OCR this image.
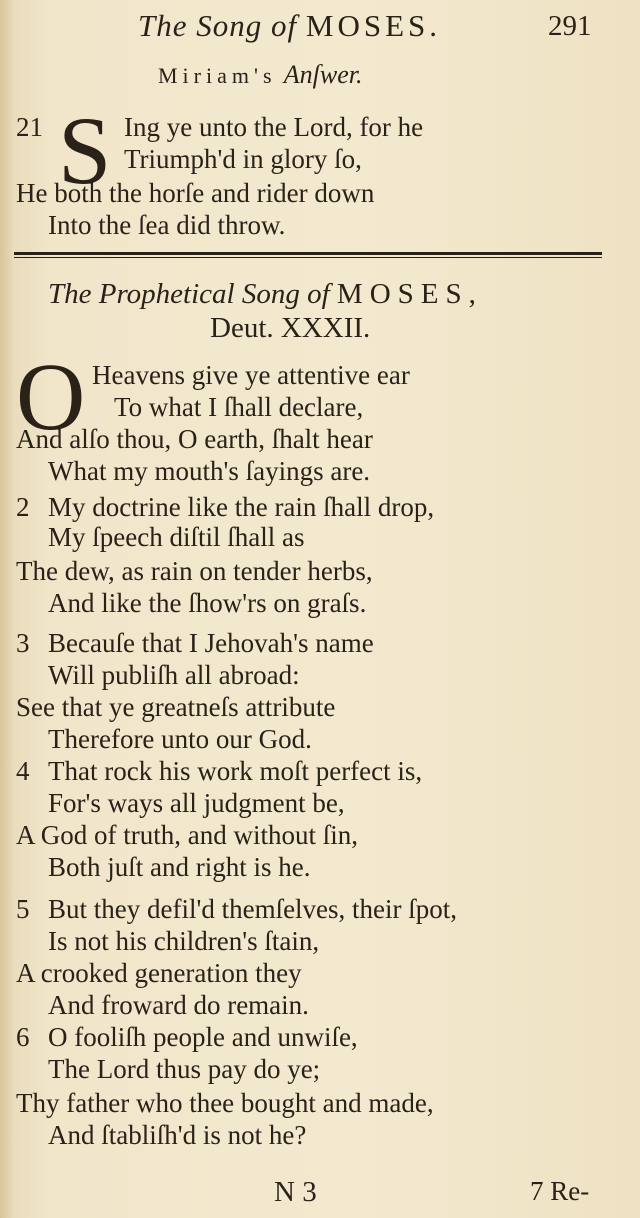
The Song of MOSES.	291
Miriam's Anſwer.
21 S Ing ye unto the Lord, for he
Triumph'd in glory ſo,
He both the horſe and rider down
Into the ſea did throw.
The Prophetical Song of MOSES,
Deut. XXXII.
O Heavens give ye attentive ear
To what I ſhall declare,
And alſo thou, O earth, ſhalt hear
What my mouth's ſayings are.
2 My doctrine like the rain ſhall drop,
My ſpeech diſtil ſhall as
The dew, as rain on tender herbs,
And like the ſhow'rs on graſs.
3 Becauſe that I Jehovah's name
Will publiſh all abroad:
See that ye greatneſs attribute
Therefore unto our God.
4 That rock his work moſt perfect is,
For's ways all judgment be,
A God of truth, and without ſin,
Both juſt and right is he.
5 But they defil'd themſelves, their ſpot,
Is not his children's ſtain,
A crooked generation they
And froward do remain.
6 O fooliſh people and unwiſe,
The Lord thus pay do ye;
Thy father who thee bought and made,
And ſtabliſh'd is not he?
N 3	7 Re-
